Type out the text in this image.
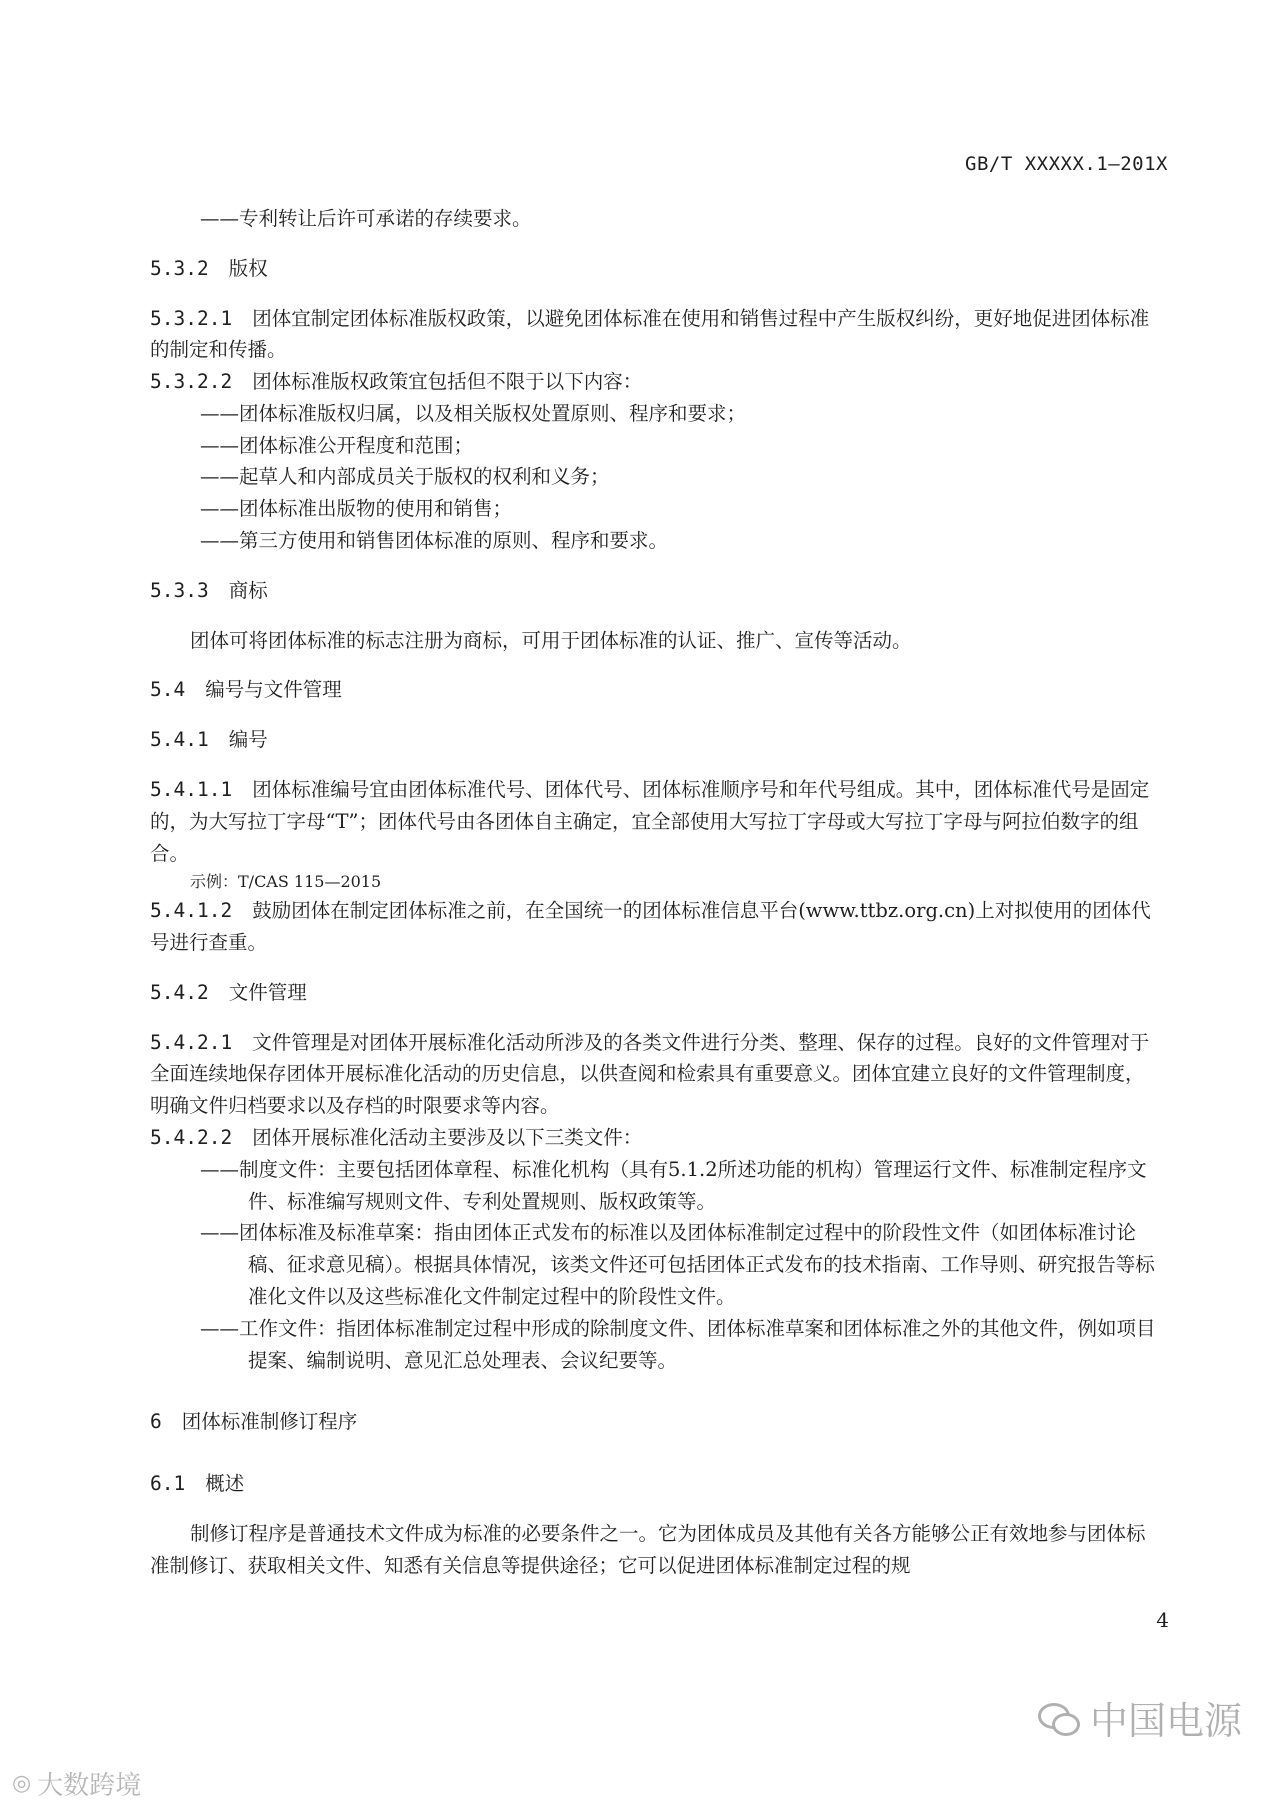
GB/T XXXXX.1—201X

——专利转让后许可承诺的存续要求。

5.3.2 版权

5.3.2.1 团体宜制定团体标准版权政策，以避免团体标准在使用和销售过程中产生版权纠纷，更好地促进团体标准的制定和传播。

5.3.2.2 团体标准版权政策宜包括但不限于以下内容：

——团体标准版权归属，以及相关版权处置原则、程序和要求；

——团体标准公开程度和范围；

——起草人和内部成员关于版权的权利和义务；

——团体标准出版物的使用和销售；

——第三方使用和销售团体标准的原则、程序和要求。

5.3.3 商标

团体可将团体标准的标志注册为商标，可用于团体标准的认证、推广、宣传等活动。

5.4 编号与文件管理

5.4.1 编号

5.4.1.1 团体标准编号宜由团体标准代号、团体代号、团体标准顺序号和年代号组成。其中，团体标准代号是固定的，为大写拉丁字母“T”；团体代号由各团体自主确定，宜全部使用大写拉丁字母或大写拉丁字母与阿拉伯数字的组合。

示例：T/CAS 115—2015

5.4.1.2 鼓励团体在制定团体标准之前，在全国统一的团体标准信息平台(www.ttbz.org.cn)上对拟使用的团体代号进行查重。

5.4.2 文件管理

5.4.2.1 文件管理是对团体开展标准化活动所涉及的各类文件进行分类、整理、保存的过程。良好的文件管理对于全面连续地保存团体开展标准化活动的历史信息，以供查阅和检索具有重要意义。团体宜建立良好的文件管理制度，明确文件归档要求以及存档的时限要求等内容。

5.4.2.2 团体开展标准化活动主要涉及以下三类文件：

——制度文件：主要包括团体章程、标准化机构（具有5.1.2所述功能的机构）管理运行文件、标准制定程序文件、标准编写规则文件、专利处置规则、版权政策等。

——团体标准及标准草案：指由团体正式发布的标准以及团体标准制定过程中的阶段性文件（如团体标准讨论稿、征求意见稿）。根据具体情况，该类文件还可包括团体正式发布的技术指南、工作导则、研究报告等标准化文件以及这些标准化文件制定过程中的阶段性文件。

——工作文件：指团体标准制定过程中形成的除制度文件、团体标准草案和团体标准之外的其他文件，例如项目提案、编制说明、意见汇总处理表、会议纪要等。

6 团体标准制修订程序

6.1 概述

制修订程序是普通技术文件成为标准的必要条件之一。它为团体成员及其他有关各方能够公正有效地参与团体标准制修订、获取相关文件、知悉有关信息等提供途径；它可以促进团体标准制定过程的规

4
中国电源
◎ 大数跨境
